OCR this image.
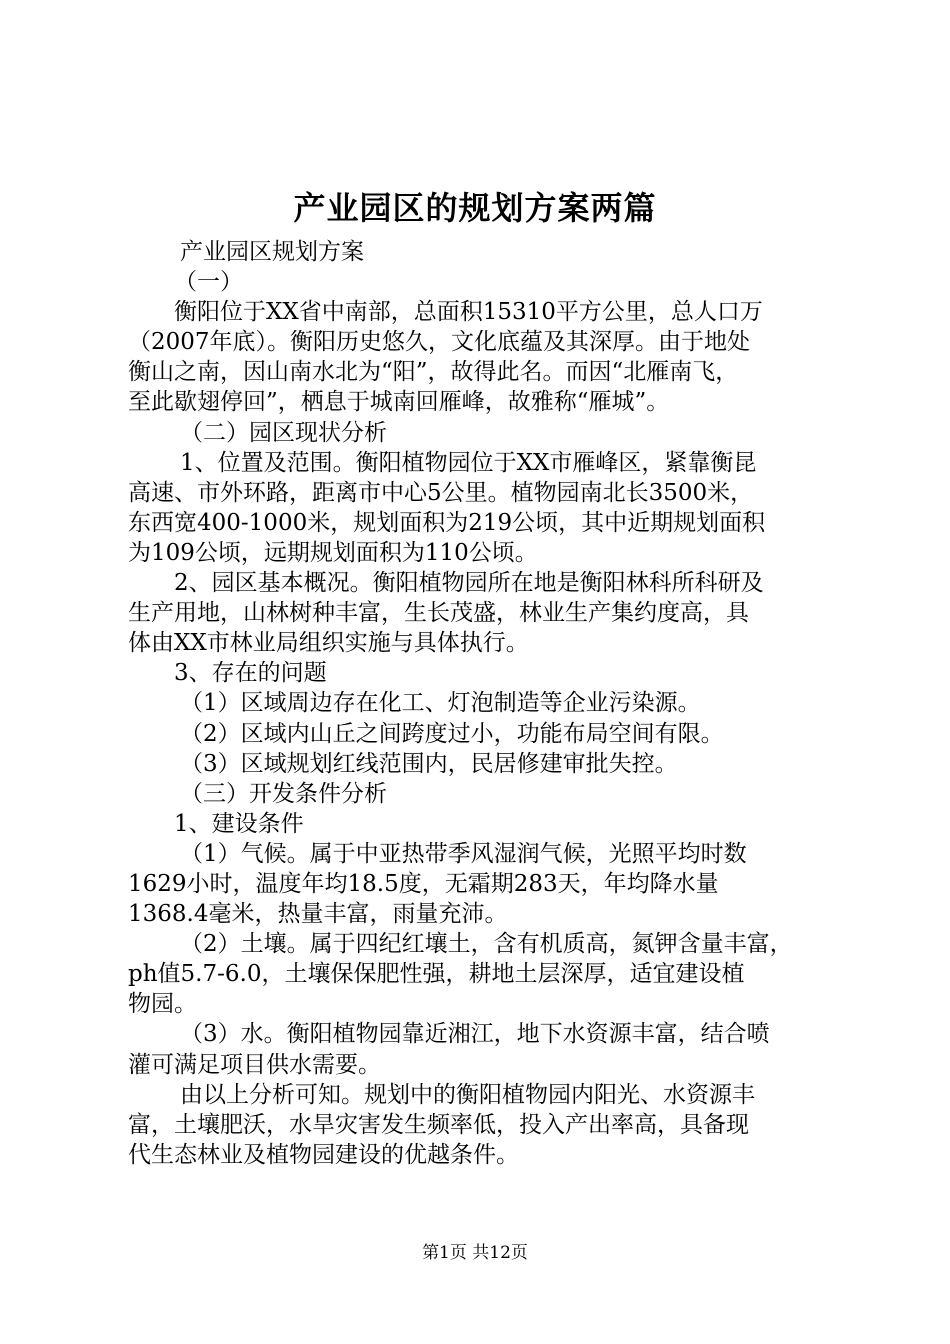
产业园区的规划方案两篇
产业园区规划方案
（一）
衡阳位于XX省中南部，总面积15310平方公里，总人口万
（2007年底）。衡阳历史悠久，文化底蕴及其深厚。由于地处
衡山之南，因山南水北为“阳”，故得此名。而因“北雁南飞，
至此歇翅停回”，栖息于城南回雁峰，故雅称“雁城”。
（二）园区现状分析
1、位置及范围。衡阳植物园位于XX市雁峰区，紧靠衡昆
高速、市外环路，距离市中心5公里。植物园南北长3500米，
东西宽400-1000米，规划面积为219公顷，其中近期规划面积
为109公顷，远期规划面积为110公顷。
2、园区基本概况。衡阳植物园所在地是衡阳林科所科研及
生产用地，山林树种丰富，生长茂盛，林业生产集约度高，具
体由XX市林业局组织实施与具体执行。
3、存在的问题
（1）区域周边存在化工、灯泡制造等企业污染源。
（2）区域内山丘之间跨度过小，功能布局空间有限。
（3）区域规划红线范围内，民居修建审批失控。
（三）开发条件分析
1、建设条件
（1）气候。属于中亚热带季风湿润气候，光照平均时数
1629小时，温度年均18.5度，无霜期283天，年均降水量
1368.4毫米，热量丰富，雨量充沛。
（2）土壤。属于四纪红壤土，含有机质高，氮钾含量丰富，
ph值5.7-6.0，土壤保保肥性强，耕地土层深厚，适宜建设植
物园。
（3）水。衡阳植物园靠近湘江，地下水资源丰富，结合喷
灌可满足项目供水需要。
由以上分析可知。规划中的衡阳植物园内阳光、水资源丰
富，土壤肥沃，水旱灾害发生频率低，投入产出率高，具备现
代生态林业及植物园建设的优越条件。
第1页 共12页
